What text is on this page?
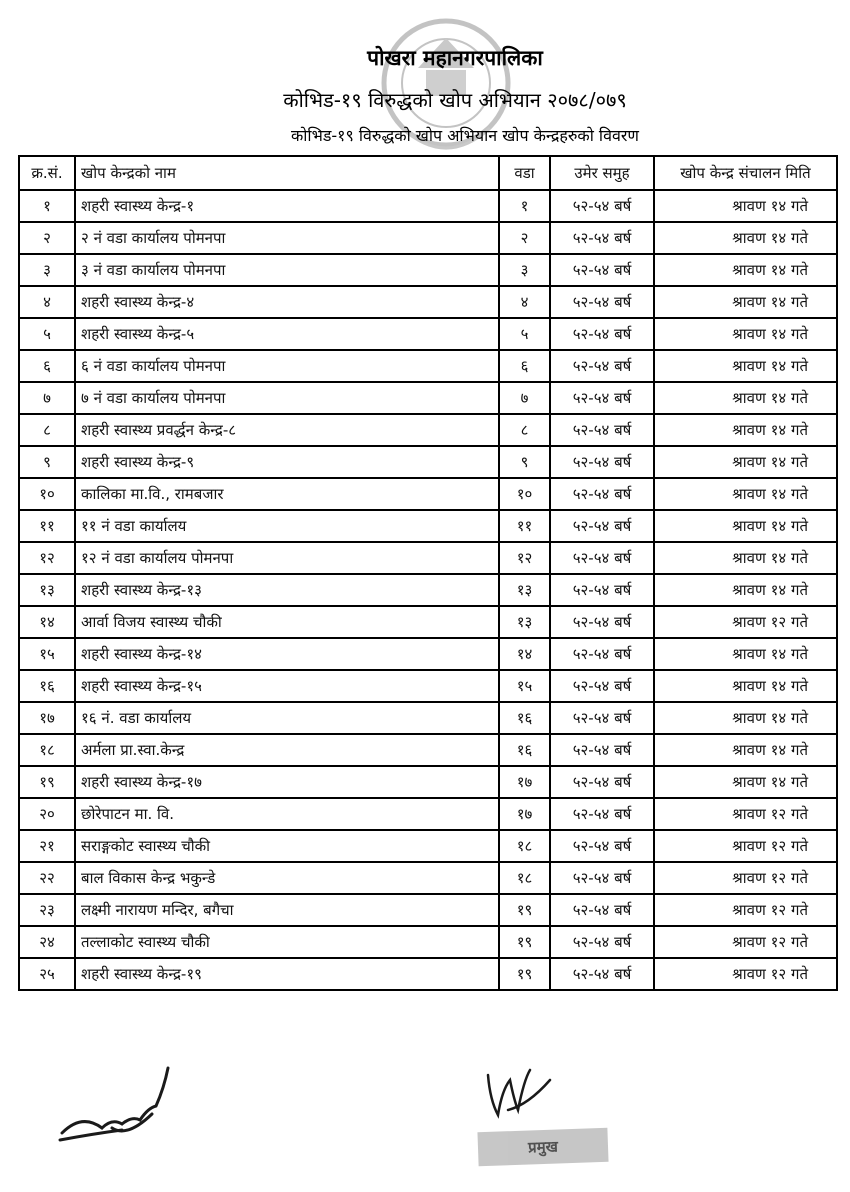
पोखरा महानगरपालिका
कोभिड-१९ विरुद्धको खोप अभियान २०७८/०७९
कोभिड-१९ विरुद्धको खोप अभियान खोप केन्द्रहरुको विवरण
क्र.सं.	खोप केन्द्रको नाम	वडा	उमेर समुह	खोप केन्द्र संचालन मिति
१	शहरी स्वास्थ्य केन्द्र-१	१	५२-५४ बर्ष	श्रावण १४ गते
२	२ नं वडा कार्यालय पोमनपा	२	५२-५४ बर्ष	श्रावण १४ गते
३	३ नं वडा कार्यालय पोमनपा	३	५२-५४ बर्ष	श्रावण १४ गते
४	शहरी स्वास्थ्य केन्द्र-४	४	५२-५४ बर्ष	श्रावण १४ गते
५	शहरी स्वास्थ्य केन्द्र-५	५	५२-५४ बर्ष	श्रावण १४ गते
६	६ नं वडा कार्यालय पोमनपा	६	५२-५४ बर्ष	श्रावण १४ गते
७	७ नं वडा कार्यालय पोमनपा	७	५२-५४ बर्ष	श्रावण १४ गते
८	शहरी स्वास्थ्य प्रवर्द्धन केन्द्र-८	८	५२-५४ बर्ष	श्रावण १४ गते
९	शहरी स्वास्थ्य केन्द्र-९	९	५२-५४ बर्ष	श्रावण १४ गते
१०	कालिका मा.वि., रामबजार	१०	५२-५४ बर्ष	श्रावण १४ गते
११	११ नं वडा कार्यालय	११	५२-५४ बर्ष	श्रावण १४ गते
१२	१२ नं वडा कार्यालय पोमनपा	१२	५२-५४ बर्ष	श्रावण १४ गते
१३	शहरी स्वास्थ्य केन्द्र-१३	१३	५२-५४ बर्ष	श्रावण १४ गते
१४	आर्वा विजय स्वास्थ्य चौकी	१३	५२-५४ बर्ष	श्रावण १२ गते
१५	शहरी स्वास्थ्य केन्द्र-१४	१४	५२-५४ बर्ष	श्रावण १४ गते
१६	शहरी स्वास्थ्य केन्द्र-१५	१५	५२-५४ बर्ष	श्रावण १४ गते
१७	१६ नं. वडा कार्यालय	१६	५२-५४ बर्ष	श्रावण १४ गते
१८	अर्मला प्रा.स्वा.केन्द्र	१६	५२-५४ बर्ष	श्रावण १४ गते
१९	शहरी स्वास्थ्य केन्द्र-१७	१७	५२-५४ बर्ष	श्रावण १४ गते
२०	छोरेपाटन मा. वि.	१७	५२-५४ बर्ष	श्रावण १२ गते
२१	सराङ्गकोट स्वास्थ्य चौकी	१८	५२-५४ बर्ष	श्रावण १२ गते
२२	बाल विकास केन्द्र भकुन्डे	१८	५२-५४ बर्ष	श्रावण १२ गते
२३	लक्ष्मी नारायण मन्दिर, बगैचा	१९	५२-५४ बर्ष	श्रावण १२ गते
२४	तल्लाकोट स्वास्थ्य चौकी	१९	५२-५४ बर्ष	श्रावण १२ गते
२५	शहरी स्वास्थ्य केन्द्र-१९	१९	५२-५४ बर्ष	श्रावण १२ गते
प्रमुख
